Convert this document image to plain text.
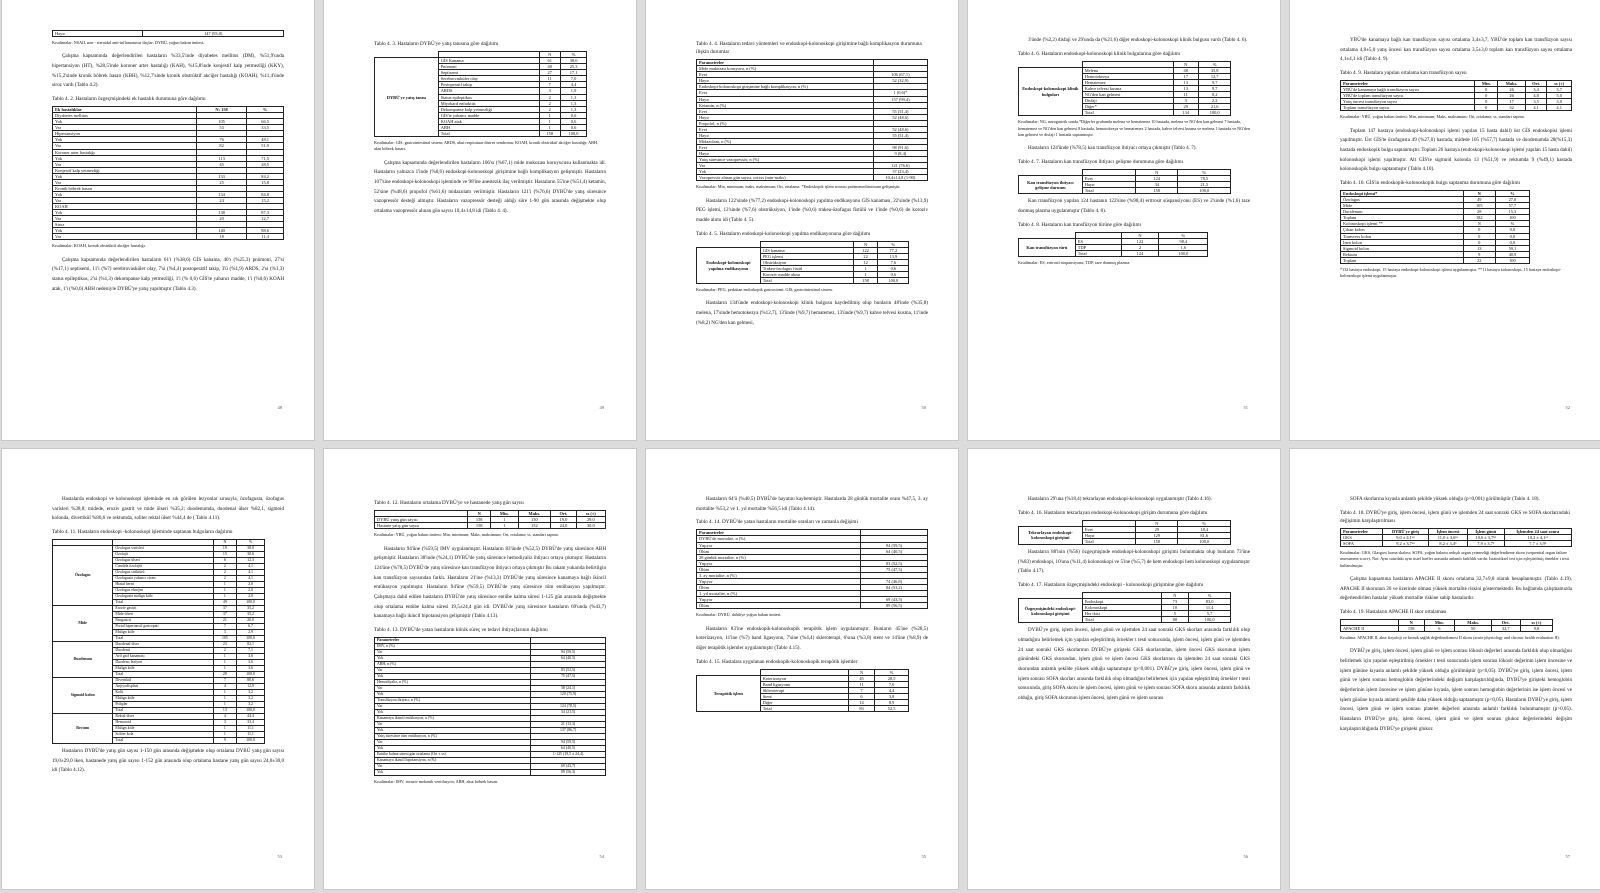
Hayır	147 (93,0)
Kısaltmalar: NSAII, non - steroidal anti-inflamatuvar ilaçlar; DYBÜ, yoğun bakım ünitesi.

Çalışma kapsamında değerlendirilen hastaların %33,5'inde diyabetes mellitus (DM), %51,9'unda hipertansiyon (HT), %28,5'inde koroner arter hastalığı (KAH), %15,8'inde konjestif kalp yetmezliği (KKY), %15,2'sinde kronik böbrek hasarı (KBH), %12,7'sinde kronik obstrüktif akciğer hastalığı (KOAH), %11,4'ünde siroz vardı (Tablo 4.2).

Tablo 4. 2. Hastaların özgeçmişindeki ek hastalık durumuna göre dağılımı
Ek hastalıklar	N: 158	%
Diyabetes mellitus		
Yok	105	66,5
Var	53	33,5
Hipertansiyon		
Yok	76	48,1
Var	82	51,9
Koroner arter hastalığı		
Yok	113	71,5
Var	45	28,5
Konjestif kalp yetmezliği		
Yok	133	84,2
Var	25	15,8
Kronik böbrek hasarı		
Yok	134	84,8
Var	24	15,2
KOAH		
Yok	138	87,3
Var	20	12,7
Siroz		
Yok	140	88,6
Var	18	11,4
Kısaltmalar: KOAH, kronik obstrüktif akciğer hastalığı.

Çalışma kapsamında değerlendirilen hastaların 61'i (%38,6) GİS kanama, 40'ı (%25,3) pnömoni, 27'si (%17,1) septisemi, 11'i (%7) serebrovasküler olay, 7'si (%4,4) postoperatif takip, 3'ü (%1,9) ARDS, 2'si (%1,3) status epileptikus, 2'si (%1,3) dekompanse kalp yetmezliği, 1'i (% 0,6) GİS'te yabancı madde, 1'i (%0,6) KOAH atak, 1'i (%0,6) ABH nedeniyle DYBÜ'ye yatış yapılmıştır (Tablo 4.3).

48
Tablo 4. 3. Hastaların DYBÜ'ye yatış tanısına göre dağılımı
		N	%
DYBÜ'ye yatış tanısı	GİS Kanama	61	38,6
	Pnömoni	40	25,3
	Septisemi	27	17,1
	Serebrovasküler olay	11	7,0
	Postoperatif takip	7	4,4
	ARDS	3	1,9
	Status epileptikus	2	1,3
	Miyokard enfarktüs	2	1,3
	Dekompanse kalp yetmezliği	2	1,3
	GİS'te yabancı madde	1	0,6
	KOAH atak	1	0,6
	ABH	1	0,6
	Total	158	100,0
Kısaltmalar: GİS, gastrointestinal sistem; ARDS, akut respiratuar distres sendromu; KOAH, kronik obstrüktif akciğer hastalığı; ABH, akut böbrek hasarı.

Çalışma kapsamında değerlendirilen hastaların 106'sı (%67,1) mide mukozası koruyucusu kullanmakta idi. Hastaların yalnızca 1'inde (%0,6) endoskopi-kolonoskopi girişimine bağlı komplikasyon gelişmiştir. Hastaların 107'sine endoskopi-kolonoskopi işleminde ve 98'ine anestezik ilaç verilmiştir. Hastaların 55'ine (%51,4) ketamin, 52'sine (%48,6) propofol (%61,6) midazolam verilmiştir. Hastaların 121'i (%76,6) DYBÜ'de yatış süresince vazopressör desteği almıştır. Hastaların vazopressör desteği aldığı süre 1-90 gün arasında değişmekte olup ortalama vazopressör alınan gün sayısı 10,4±14,8 idi (Tablo 4. 4).

49
Tablo 4. 4. Hastaların tedavi yöntemleri ve endoskopi-kolonoskopi girişimine bağlı komplikasyon durumuna ilişkin durumlar
Parametreler	
Mide mukozası koruyucu, n (%)	
Evet	106 (67,1)
Hayır	52 (32,9)
Endoskopi-kolonoskopi girişimine bağlı komplikasyon, n (%)	
Evet	1 (0,6)*
Hayır	157 (99,4)
Ketamin, n (%)	
Evet	55 (51,4)
Hayır	52 (48,6)
Propofol, n (%)	
Evet	52 (48,6)
Hayır	55 (51,4)
Midazolam, n (%)	
Evet	98 (91,6)
Hayır	9 (8,4)
Yatış süresince vazopressör, n (%)	
Var	121 (76,6)
Yok	37 (23,4)
Vazopressör alınan gün sayısı, ort±ss (min-maks)	10,4±14,8 (1-90)
Kısaltmalar: Min, minimum; maks, maksimum; Ort, ortalama. *Endoskopik işlem sonrası pnömomediastinum gelişmiştir.

Hastaların 122'sinde (%77,2) endoskopi-kolonoskopi yapılma endikasyonu GİS kanaması, 22'sinde (%13,9) PEG işlemi, 12'sinde (%7,6) obstrüksiyon, 1'inde (%0,6) trakea-özofagus fistülü ve 1'inde (%0,6) de koroziv madde alımı idi (Tablo 4. 5).

Tablo 4. 5. Hastaların endoskopi-kolonoskopi yapılma endikasyonuna göre dağılımı
		N	%
Endoskopi-kolonoskopi yapılma endikasyonu	GİS kanama	122	77,2
	PEG işlemi	22	13,9
	Obstrüksiyon	12	7,6
	Trakea-özofagus fistül	1	0,6
	Koroziv madde alımı	1	0,6
	Total	158	100,0
Kısaltmalar: PEG, perkütan endoskopik gastrostomi; GİS, gastrointestinal sistem.

Hastaların 134'ünde endoskopi-kolonoskopi klinik bulgusu kaydedilmiş olup bunların 48'inde (%35,8) melena, 17'sinde hemotokezya (%12,7), 13'ünde (%9,7) hematemez, 13'ünde (%9,7) kahve telvesi kusma, 11'inde (%8,2) NG'den kan gelmesi,

50

3'ünde (%2,2) disfaji ve 29'unda da (%21,6) diğer endoskopi-kolonoskopi klinik bulgusu vardı (Tablo 4. 6).

Tablo 4. 6. Hastaların endoskopi-kolonoskopi klinik bulgularına göre dağılımı
		N	%
Endoskopi-kolonoskopi klinik bulguları	Melena	48	35,8
	Hemotokezya	17	12,7
	Hematemez	13	9,7
	Kahve telvesi kusma	13	9,7
	NG'den kan gelmesi	11	8,2
	Disfaji	3	2,2
	Diğer*	29	21,6
	Total	134	100,0
Kısaltmalar: NG, nazogastrik sonda.*Diğerler grubunda melena ve hematemez 10 hastada, melena ve NG'den kan gelmesi 7 hastada, hematemez ve NG'den kan gelmesi 8 hastada, hemotokezya ve hematemez 2 hastada, kahve telvesi kusma ve melena 1 hastada ve NG'den kan gelmesi ve disfaji 1 hastada saptanmıştır.

Hastaların 124'ünde (%78,5) kan transfüzyon ihtiyacı ortaya çıkmıştır (Tablo 4. 7).

Tablo 4. 7. Hastaların kan transfüzyon ihtiyacı gelişme durumuna göre dağılımı
		N	%
Kan transfüzyon ihtiyacı gelişme durumu	Evet	124	78,5
	Hayır	34	21,5
	Total	158	100,0

Kan transfüzyon yapılan 124 hastanın 122'sine (%98,4) eritrosit süspansiyonu (ES) ve 2'sinde (%1,6) taze donmuş plazma uygulanmıştır (Tablo 4. 8).

Tablo 4. 8. Hastaların kan transfüzyon türüne göre dağılımı
		N	%
Kan transfüzyon türü	ES	122	98,4
	TDP	2	1,6
	Total	124	100,0
Kısaltmalar: ES, eritrosit süspansiyonu; TDP, taze donmuş plazma.
51

YBÜ'de kanamaya bağlı kan transfüzyon sayısı ortalama 3,4±3,7, YBÜ'de toplam kan transfüzyon sayısı ortalama 4,8±5,0 yatış öncesi kan transfüzyon sayısı ortalama 3,5±3,0 toplam kan transfüzyon sayısı ortalama 4,1±4,1 idi (Tablo 4. 9).

Tablo 4. 9. Hastalara yapılan ortalama kan transfüzyon sayısı
Parametreler	Min.	Maks.	Ort.	ss (±)
YBÜ'de kanamaya bağlı transfüzyon sayısı	0	26	3,4	3,7
YBÜ'de toplam transfüzyon sayısı	0	26	4,8	5,0
Yatış öncesi transfüzyon sayısı	0	17	3,5	3,0
Toplam transfüzyon sayısı	0	32	4,1	4,1
Kısaltmalar: YBÜ, yoğun bakım ünitesi; Min, minimum; Maks, maksimum; Ort, ortalama; ss, standart sapma.

Toplam 147 hastaya (endoskopi-kolonoskopi işlemi yapılan 15 hasta dahil) üst GİS endoskopisi işlemi yapılmıştır. Üst GİS'te özofagusta 49 (%27,0) hastada, midede 105 (%57,7) hastada ve duodenumda 28(%15,3) hastada endoskopik bulgu saptanmıştır. Toplam 26 hastaya (endoskopi-kolonoskopi işlemi yapılan 15 hasta dahil) kolonoskopi işlemi yapılmıştır. Alt GİS'te sigmoid kolonda 13 (%51,9) ve rektumda 9 (%49,1) hastada kolonoskopik bulgu saptanmıştır (Tablo 4.10).

Tablo 4. 10. GİS'in endoskopik-kolonoskopik bulgu saptanma durumuna göre dağılımı
Endoskopi işlemi*	N	%
Özofagus	49	27,0
Mide	105	57,7
Duodenum	28	15,3
Toplam	182	100
Kolonoskopi işlemi **	N	%
Çıkan kolon	0	0,0
Transvers kolon	0	0,0
İnen kolon	0	0,0
Sigmoid kolon	13	59,1
Rektum	9	40,9
Toplam	22	100
*132 hastaya endoskopi, 15 hastaya endoskopi-kolonoskopi işlemi uygulanmıştır. **11 hastaya kolonoskopi, 15 hastaya endoskopi-kolonoskopi işlemi uygulanmıştır.
52

Hastalarda endoskopi ve kolonoskopi işleminde en sık görülen lezyonlar sırasıyla, özofagusta, özofagus varisleri %38,8; midede, eroziv gastrit ve mide ülseri %35,2; duodenumda, duodenal ülser %82,1, sigmoid kolonda, divertikül %80,6 ve rektumda, soliter rektal ülser %44,4 de ( Tablo 4.11).

Tablo 4. 11. Hastaların endoskopi -kolonoskopi işleminde saptanan bulguların dağılımı
		N	%
Özofagus	Özofagus varisleri	19	38,8
	Özofajit	15	30,6
	Özofagus ülseri	6	12,3
	Candida özofajiti	2	4,1
	Özofagus striktürü	2	4,1
	Özofagusta yabancı cisim	2	4,1
	Hiatal herni	1	2,0
	Özofagus eksojen	1	2,0
	Özofagusta malign kitle	1	2,0
	Total	49	100,0
Mide	Eroziv gastrit	37	35,2
	Mide ülseri	37	35,2
	Pangastrit	21	20,0
	Portal hipertansif gastropati	7	6,7
	Malign kitle	3	2,9
	Total	105	100,0
Duodenum	Duodenal ülser	23	82,1
	Duodenit	2	7,1
	Arif gaif kanaması	1	3,6
	Duodeno leziyon	1	3,6
	Malign kitle	1	3,6
	Total	28	100,0
Sigmoid kolon	Divertikül	7	80,6
	Anjiyodisplazi	4	12,9
	Kolit	1	3,2
	Malign kitle	1	3,2
	Polipler	1	3,2
	Total	13	100,0
Rectum	Rektal ülser	4	44,4
	Hemoroid	3	33,4
	Malign kitle	1	11,1
	Soliter kola	1	11,1
	Total	9	100,0

Hastaların DYBÜ'de yatış gün sayısı 1-150 gün arasında değişmekte olup ortalama DYBÜ yatış gün sayısı 19,0±29,0 iken, hastanede yatış gün sayısı 1-152 gün arasında olup ortalama hastane yatış gün sayısı 24,0±30,0 idi (Tablo 4.12).

53
Tablo 4. 12. Hastaların ortalama DYBÜ'ye ve hastanede yatış gün sayısı
	N	Min.	Maks.	Ort.	ss (±)
DYBÜ yatış gün sayısı	158	1	150	19,0	29,0
Hastane yatış gün sayısı	158	1	152	24,0	30,0
Kısaltmalar: YBÜ, yoğun bakım ünitesi; Min, minimum; Maks, maksimum; Ort, ortalama; ss, standart sapma.

Hastaların 94'üne (%59,5) IMV uygulanmıştır. Hastaların 83'ünde (%52,5) DYBÜ'de yatış süresince ABH gelişmiştir. Hastaların 38'inde (%24,1) DYBÜ'de yatış süresince hemodiyaliz ihtiyacı ortaya çıkmıştır. Hastaların 124'üne (%78,5) DYBÜ'de yatış süresince kan transfüzyon ihtiyacı ortaya çıkmıştır Bu rakam yukarıda belirtilgin kan transfüzyon sayısından farklı. Hastaların 21'ine (%13,3) DYBÜ'de yatış süresince kanamaya bağlı ikincil entübasyon yapılmıştır. Hastaların 94'üne (%59,5) DYBÜ'de yatış süresince tüm entübasyon yapılmıştır. Çalışmaya dahil edilen hastaların DYBÜ'de yatış süresince entübe kalma süresi 1-125 gün arasında değişmekte olup ortalama entübe kalma süresi 19,5±24,4 gün idi. DYBÜ'de yatış süresince hastaların 69'unda (%43,7) kanamaya bağlı ikincil hipotansiyon gelişmiştir (Tablo 4.13).

Tablo 4. 13. DYBÜ'de yatan hastaların klinik süreç ve tedavi ihtiyaçlarının dağılımı
Parametreler	
IMV, n (%)	
Var	94 (59,5)
Yok	64 (40,5)
ABH, n (%)	
Var	83 (52,5)
Yok	75 (47,5)
Hemodiyaliz, n (%)	
Var	38 (24,1)
Yok	120 (75,9)
Transfüzyon ihtiyacı, n (%)	
Var	124 (78,5)
Yok	34 (21,5)
Kanamaya ikincil entübasyon, n (%)	
Var	21 (13,3)
Yok	137 (86,7)
Yatış süresince tüm entübasyon, n (%)	
Var	94 (59,5)
Yok	64 (40,5)
Entübe kalma süresi,gün ortalama (Ort ± ss)	1-125 (19,5 ± 24,4)
Kanamaya ikincil hipotansiyon, n (%)	
Var	69 (43,7)
Yok	89 (56,3)
Kısaltmalar: IMV, invaziv mekanik ventilasyon; ABH, akut böbrek hasarı.
54

Hastaların 64'ü (%40,5) DYBÜ'de hayatını kaybetmiştir. Hastalarda 28 günlük mortalite oranı %47,5, 3. ay mortalite %53,2 ve 1. yıl mortalite %56,5 idi (Tablo 4.14).

Tablo 4. 14. DYBÜ'de yatan hastaların mortalite oranları ve zamanla değişimi
Parametreler	
DYBÜ'de mortalite, n (%)	
Yaşıyor	94 (59,5)
Ölüm	64 (40,5)
28 günlük mortalite, n (%)	
Yaşıyor	83 (52,5)
Ölüm	75 (47,5)
3. ay mortalite, n (%)	
Yaşıyor	74 (46,8)
Ölüm	84 (53,2)
1. yıl mortalite, n (%)	
Yaşıyor	69 (43,5)
Ölüm	89 (56,5)
Kısaltmalar: DYBÜ, dahiliye yoğun bakım ünitesi.

Hastaların 83'ine endoskopik-kolonoskopik terapötik işlem uygulanmıştır. Bunların 45'ine (%28,5) koterizasyon, 11'ine (%7) band ligasyonu, 7'sine (%4,4) skleroterapi, 6'sına (%3,8) stent ve 14'üne (%8,9) de diğer terapötik işlemler uygulanmıştır (Tablo 4.15).

Tablo 4. 15. Hastalara uygulanan endoskopik-kolonoskopik terapötik işlemler
		N	%
Terapötik işlem	Koterizasyon	45	28,5
	Band ligasyonu	11	7,0
	Skleroterapi	7	4,4
	Stent	6	3,8
	Diğer	14	8,9
	Total	83	52,5
55

Hastaların 29'una (%18,4) tekrarlayan endoskopi-kolonoskopi uygulanmıştır (Tablo 4.16).

Tablo 4. 16. Hastaların tekrarlayan endoskopi-kolonoskopi girişim durumuna göre dağılımı
		N	%
Tekrarlayan endoskopi-kolonoskopi girişimi	Evet	29	18,4
	Hayır	129	81,6
	Total	158	100,0

Hastaların 88'inin (%56) özgeçmişinde endoskopi-kolonoskopi girişimi bulunmakta olup bunların 73'üne (%83) endoskopi, 10'una (%11,4) kolonoskopi ve 5'ine (%5,7) de hem endoskopi hem kolonoskopi uygulanmıştır (Tablo 4.17).

Tablo 4. 17. Hastaların özgeçmişindeki endoskopi - kolonoskopi girişimine göre dağılımı
		N	%
Özgeçmişindeki endoskopi-kolonoskopi girişimi	Endoskopi	73	83,0
	Kolonoskopi	10	11,4
	Her ikisi	5	5,7
	Total	88	100,0

DYBÜ'ye giriş, işlem öncesi, işlem günü ve işlemden 24 saat sonraki GKS skorları arasında farklılık olup olmadığını belirlemek için yapılan eşleştirilmiş örnekler t testi sonucunda, işlem öncesi, işlem günü ve işlemden 24 saat sonraki GKS skorlarının DYBÜ'ye girişteki GKS skorlarından, işlem öncesi GKS skorunun işlem günündeki GKS skorundan, işlem günü ve işlem öncesi GKS skorlarının da işlemden 24 saat sonraki GKS skorundan anlamlı şekilde yüksek olduğu saptanmıştır (p<0,001). DYBÜ'ye giriş, işlem öncesi, işlem günü ve işlem sonrası SOFA skorları arasında farklılık olup olmadığını belirlemek için yapılan eşleştirilmiş örnekler t testi sonucunda, giriş SOFA skoru ile işlem öncesi, işlem günü ve işlem sonrası SOFA skoru arasında anlamlı farklılık olduğu, giriş SOFA skorunun işlem öncesi, işlem günü ve işlem sonrası

56

SOFA skorlarına kıyasla anlamlı şekilde yüksek olduğu (p<0,001) görülmüştür (Tablo 4. 18).

Tablo 4. 18. DYBÜ'ye giriş, işlem öncesi, işlem günü ve işlemden 24 saat sonraki GKS ve SOFA skorlarındaki değişimin karşılaştırılması
Parametreler	DYBÜ'ye giriş	İşlem öncesi	İşlem günü	İşlemden 24 saat sonra
GKS	9,0 ± 4,1ᵃʷ	11,0 ± 3,6ᵇᵒ	10,6 ± 3,7ᵇᵈ	10,2 ± 4,1ᶜᵈ
SOFA	9,2 ± 3,7ᵃʷ	8,2 ± 3,4ᵇ	7,9 ± 3,7ᵇ	7,7 ± 3,9ᵇ
Kısaltmalar: GKS, Glasgow koma skalası; SOFA, yoğun bakımı ardışık organ yetmezliği değerlendirme skoru (sequential organ failure assessment score). Not: Aynı satırdaki aynı üstel harfler arasında anlamlı farklılık vardır. İstatistiksel test için eşleştirilmiş örnekler t testi kullanılmıştır.

Çalışma kapsamına hastaların APACHE II skoru ortalama 32,7±9,8 olarak hesaplanmıştır. (Tablo 4.19). APACHE II skorunun 20 ve üzerinde olması yüksek mortalite riskini göstermektedir. Bu bağlamda çalışmamızda değerlendirilen hastalar yüksek mortalite riskine sahip hastalardır.

Tablo 4. 19. Hastaların APACHE II skor ortalaması
	N	Min.	Maks.	Ort.	ss (±)
APACHE II	158	6	50	32,7	9,8
Kısaltma: APACHE II, akut fizyoloji ve kronik sağlık değerlendirmesi II skoru (acute physiology and chronic health evaluation II).

DYBÜ'ye giriş, işlem öncesi, işlem günü ve işlem sonrası lökosit değerleri arasında farklılık olup olmadığını belirlemek için yapılan eşleştirilmiş örnekler t testi sonucunda işlem sonrası lökosit değerinin işlem öncesine ve işlem gününe kıyasla anlamlı şekilde yüksek olduğu görülmüştür (p<0,05). DYBÜ'ye giriş, işlem öncesi, işlem günü ve işlem sonrası hemoglobin değerlerindeki değişim karşılaştırıldığında, DYBÜ'ye girişteki hemoglobin değerlerinin işlem öncesine ve işlem gününe kıyasla, işlem sonrası hemoglobin değerlerinin ise işlem öncesi ve işlem gününe kıyasla anlamlı şekilde daha yüksek olduğu saptanmıştır (p<0,05). Hastaların DYBÜ'ye giriş, işlem öncesi, işlem günü ve işlem sonrası platelet değerleri arasında anlamlı farklılık bulunmamıştır (p>0,05). Hastaların DYBÜ'ye giriş, işlem öncesi, işlem günü ve işlem sonrası glukoz değerlerindeki değişim karşılaştırıldığında DYBÜ'ye girişteki glukoz

57
